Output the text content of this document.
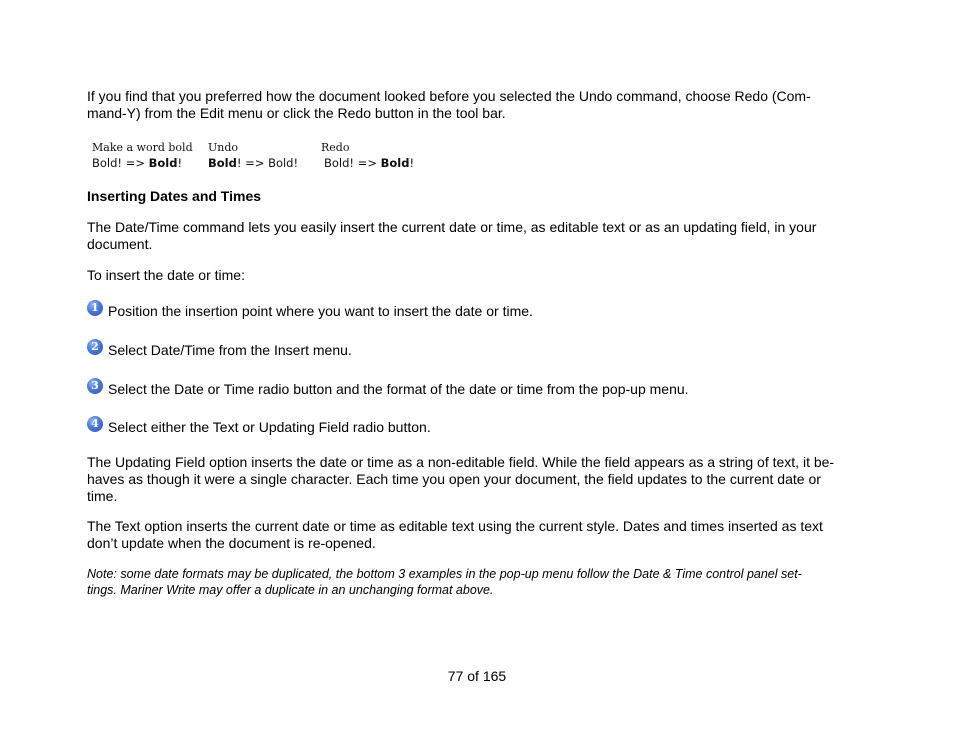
If you find that you preferred how the document looked before you selected the Undo command, choose Redo (Com-
mand-Y) from the Edit menu or click the Redo button in the tool bar.
Make a word bold
Bold! => Bold!
Undo
Bold! => Bold!
Redo
Bold! => Bold!
Inserting Dates and Times
The Date/Time command lets you easily insert the current date or time, as editable text or as an updating field, in your
document.
To insert the date or time:
1 Position the insertion point where you want to insert the date or time.
2 Select Date/Time from the Insert menu.
3 Select the Date or Time radio button and the format of the date or time from the pop-up menu.
4 Select either the Text or Updating Field radio button.
The Updating Field option inserts the date or time as a non-editable field. While the field appears as a string of text, it be-
haves as though it were a single character. Each time you open your document, the field updates to the current date or
time.
The Text option inserts the current date or time as editable text using the current style. Dates and times inserted as text
don’t update when the document is re-opened.
Note: some date formats may be duplicated, the bottom 3 examples in the pop-up menu follow the Date & Time control panel set-
tings. Mariner Write may offer a duplicate in an unchanging format above.
77 of 165
